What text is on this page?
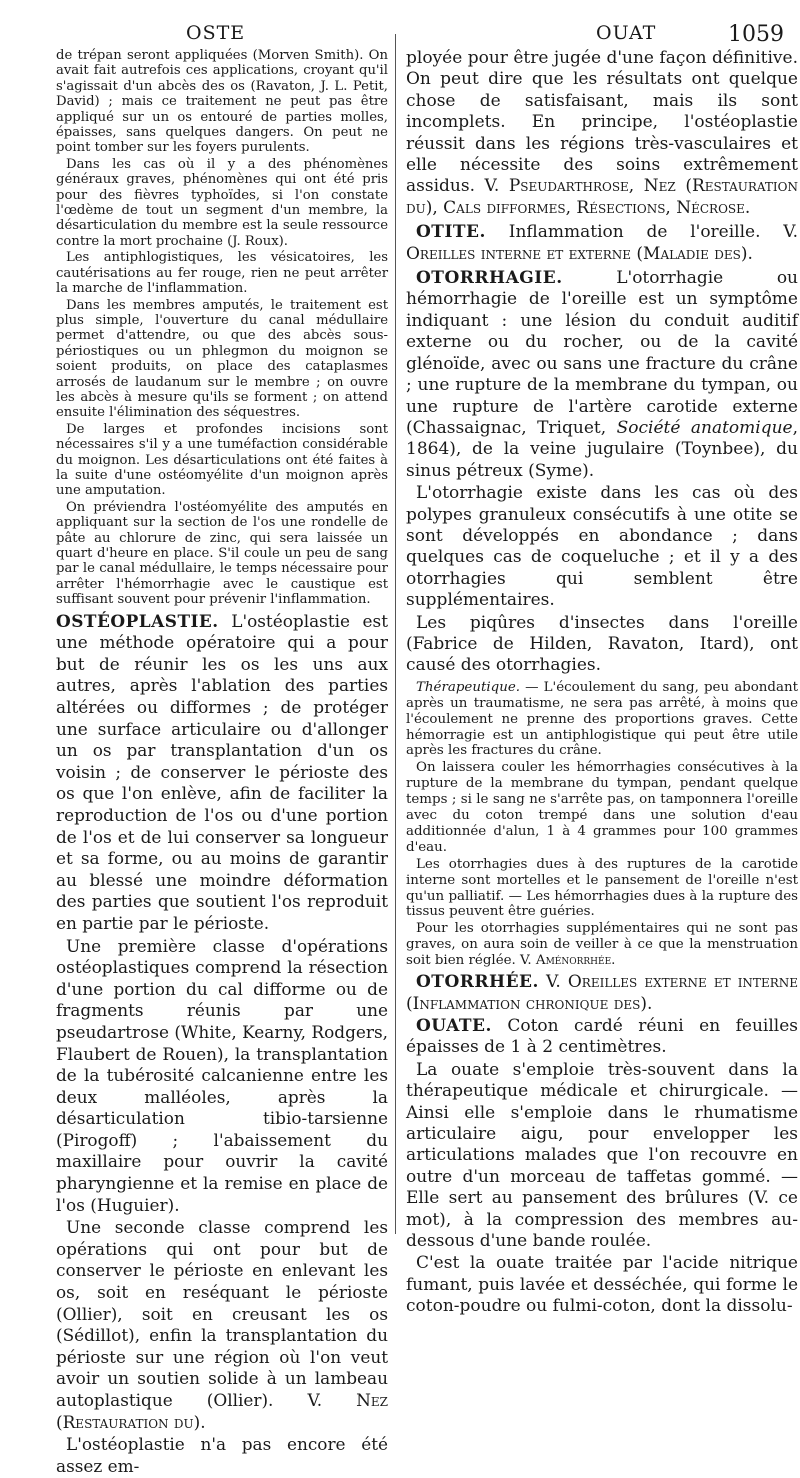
OSTE	OUAT	1059

de trépan seront appliquées (Morven Smith). On avait fait autrefois ces applications, croyant qu'il s'agissait d'un abcès des os (Ravaton, J. L. Petit, David) ; mais ce traitement ne peut pas être appliqué sur un os entouré de parties molles, épaisses, sans quelques dangers. On peut ne point tomber sur les foyers purulents.

Dans les cas où il y a des phénomènes généraux graves, phénomènes qui ont été pris pour des fièvres typhoïdes, si l'on constate l'œdème de tout un segment d'un membre, la désarticulation du membre est la seule ressource contre la mort prochaine (J. Roux).

Les antiphlogistiques, les vésicatoires, les cautérisations au fer rouge, rien ne peut arrêter la marche de l'inflammation.

Dans les membres amputés, le traitement est plus simple, l'ouverture du canal médullaire permet d'attendre, ou que des abcès sous-périostiques ou un phlegmon du moignon se soient produits, on place des cataplasmes arrosés de laudanum sur le membre ; on ouvre les abcès à mesure qu'ils se forment ; on attend ensuite l'élimination des séquestres.

De larges et profondes incisions sont nécessaires s'il y a une tuméfaction considérable du moignon. Les désarticulations ont été faites à la suite d'une ostéomyélite d'un moignon après une amputation.

On préviendra l'ostéomyélite des amputés en appliquant sur la section de l'os une rondelle de pâte au chlorure de zinc, qui sera laissée un quart d'heure en place. S'il coule un peu de sang par le canal médullaire, le temps nécessaire pour arrêter l'hémorrhagie avec le caustique est suffisant souvent pour prévenir l'inflammation.

OSTÉOPLASTIE. L'ostéoplastie est une méthode opératoire qui a pour but de réunir les os les uns aux autres, après l'ablation des parties altérées ou difformes ; de protéger une surface articulaire ou d'allonger un os par transplantation d'un os voisin ; de conserver le périoste des os que l'on enlève, afin de faciliter la reproduction de l'os ou d'une portion de l'os et de lui conserver sa longueur et sa forme, ou au moins de garantir au blessé une moindre déformation des parties que soutient l'os reproduit en partie par le périoste.

Une première classe d'opérations ostéoplastiques comprend la résection d'une portion du cal difforme ou de fragments réunis par une pseudartrose (White, Kearny, Rodgers, Flaubert de Rouen), la transplantation de la tubérosité calcanienne entre les deux malléoles, après la désarticulation tibio-tarsienne (Pirogoff) ; l'abaissement du maxillaire pour ouvrir la cavité pharyngienne et la remise en place de l'os (Huguier).

Une seconde classe comprend les opérations qui ont pour but de conserver le périoste en enlevant les os, soit en reséquant le périoste (Ollier), soit en creusant les os (Sédillot), enfin la transplantation du périoste sur une région où l'on veut avoir un soutien solide à un lambeau autoplastique (Ollier). V. Nez (Restauration du).

L'ostéoplastie n'a pas encore été assez em-

ployée pour être jugée d'une façon définitive. On peut dire que les résultats ont quelque chose de satisfaisant, mais ils sont incomplets. En principe, l'ostéoplastie réussit dans les régions très-vasculaires et elle nécessite des soins extrêmement assidus. V. Pseudarthrose, Nez (Restauration du), Cals difformes, Résections, Nécrose.

OTITE. Inflammation de l'oreille. V. Oreilles interne et externe (Maladie des).

OTORRHAGIE.	L'otorrhagie ou hémorrhagie de l'oreille est un symptôme indiquant : une lésion du conduit auditif externe ou du rocher, ou de la cavité glénoïde, avec ou sans une fracture du crâne ; une rupture de la membrane du tympan, ou une rupture de l'artère carotide externe (Chassaignac, Triquet, Société anatomique, 1864), de la veine jugulaire (Toynbee), du sinus pétreux (Syme).

L'otorrhagie existe dans les cas où des polypes granuleux consécutifs à une otite se sont développés en abondance ; dans quelques cas de coqueluche ; et il y a des otorrhagies qui semblent être supplémentaires.

Les piqûres d'insectes dans l'oreille (Fabrice de Hilden, Ravaton, Itard), ont causé des otorrhagies.

Thérapeutique. — L'écoulement du sang, peu abondant après un traumatisme, ne sera pas arrêté, à moins que l'écoulement ne prenne des proportions graves. Cette hémorragie est un antiphlogistique qui peut être utile après les fractures du crâne.

On laissera couler les hémorrhagies consécutives à la rupture de la membrane du tympan, pendant quelque temps ; si le sang ne s'arrête pas, on tamponnera l'oreille avec du coton trempé dans une solution d'eau additionnée d'alun, 1 à 4 grammes pour 100 grammes d'eau.

Les otorrhagies dues à des ruptures de la carotide interne sont mortelles et le pansement de l'oreille n'est qu'un palliatif. — Les hémorrhagies dues à la rupture des tissus peuvent être guéries.

Pour les otorrhagies supplémentaires qui ne sont pas graves, on aura soin de veiller à ce que la menstruation soit bien réglée. V. Aménorrhée.

OTORRHÉE. V. Oreilles externe et interne (Inflammation chronique des).

OUATE. Coton cardé réuni en feuilles épaisses de 1 à 2 centimètres.

La ouate s'emploie très-souvent dans la thérapeutique médicale et chirurgicale. — Ainsi elle s'emploie dans le rhumatisme articulaire aigu, pour envelopper les articulations malades que l'on recouvre en outre d'un morceau de taffetas gommé. — Elle sert au pansement des brûlures (V. ce mot), à la compression des membres au-dessous d'une bande roulée.

C'est la ouate traitée par l'acide nitrique fumant, puis lavée et desséchée, qui forme le coton-poudre ou fulmi-coton, dont la dissolu-
